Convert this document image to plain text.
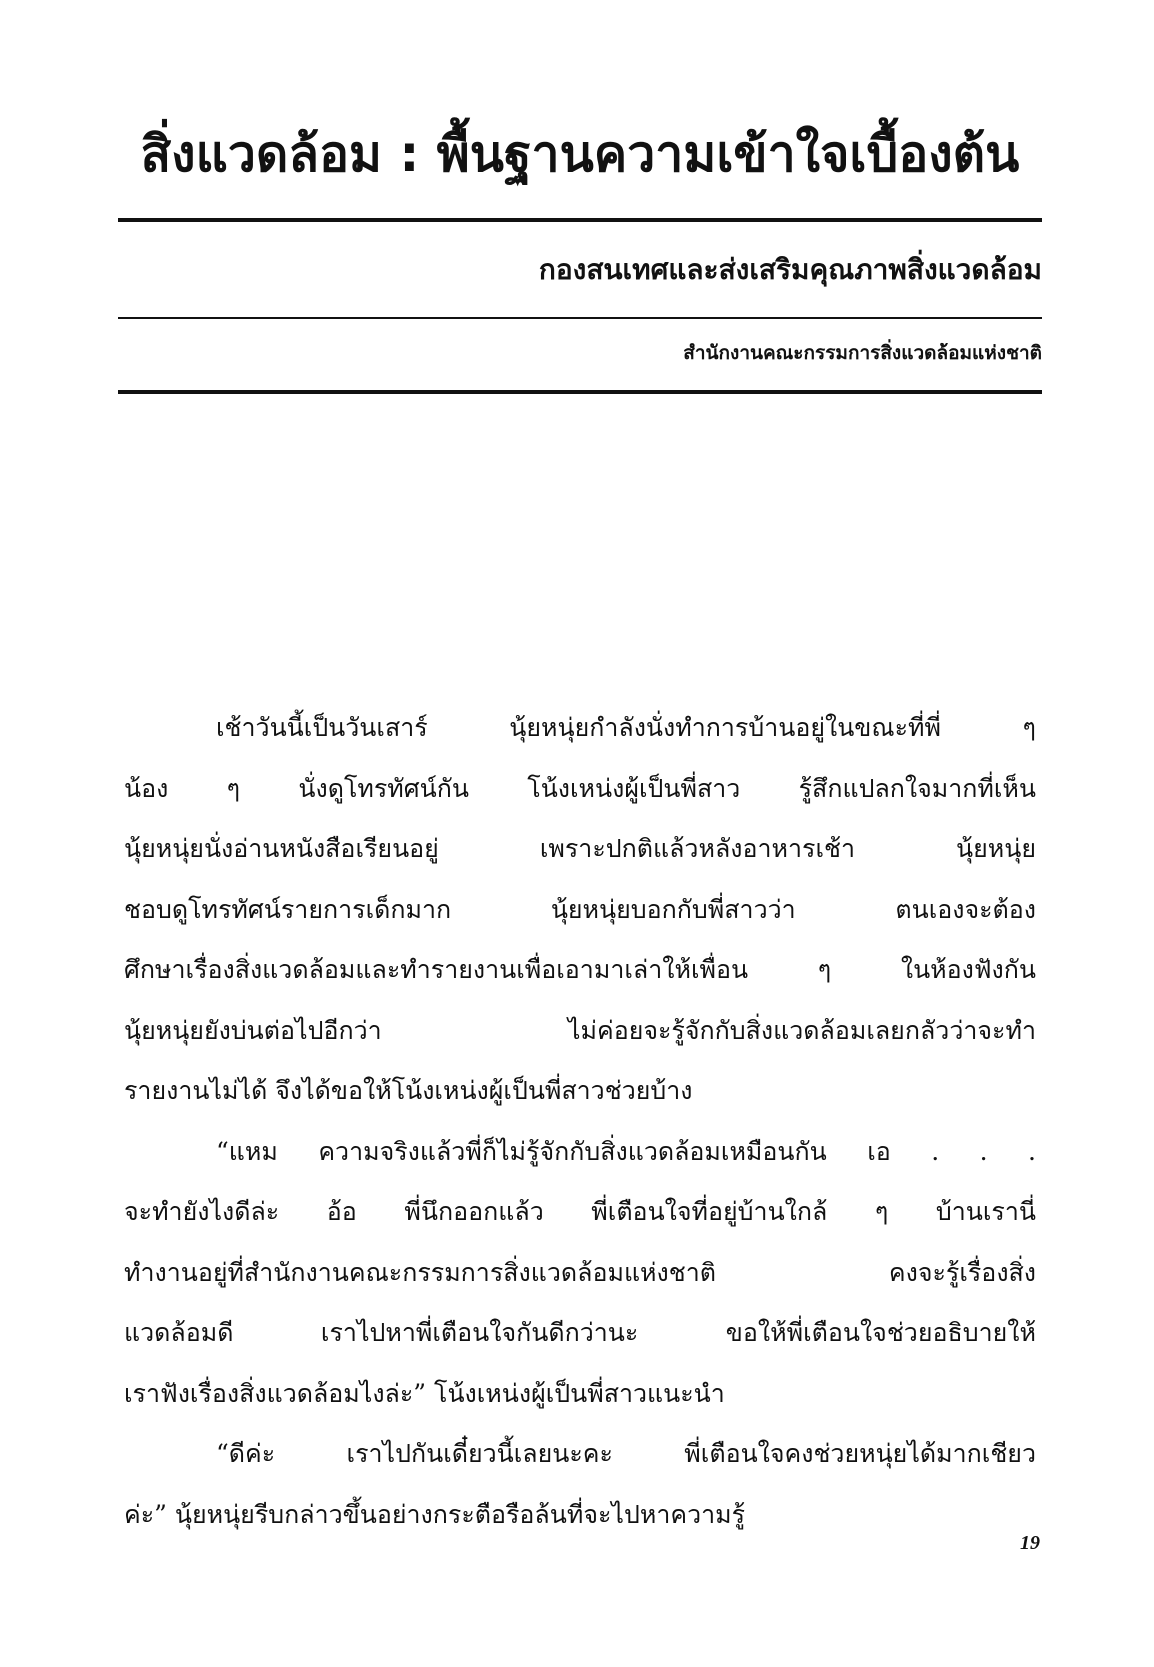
สิ่งแวดล้อม : พื้นฐานความเข้าใจเบื้องต้น
กองสนเทศและส่งเสริมคุณภาพสิ่งแวดล้อม
สำนักงานคณะกรรมการสิ่งแวดล้อมแห่งชาติ
เช้าวันนี้เป็นวันเสาร์ นุ้ยหนุ่ยกำลังนั่งทำการบ้านอยู่ในขณะที่พี่ ๆ
น้อง ๆ นั่งดูโทรทัศน์กัน โน้งเหน่งผู้เป็นพี่สาว รู้สึกแปลกใจมากที่เห็น
นุ้ยหนุ่ยนั่งอ่านหนังสือเรียนอยู่ เพราะปกติแล้วหลังอาหารเช้า นุ้ยหนุ่ย
ชอบดูโทรทัศน์รายการเด็กมาก นุ้ยหนุ่ยบอกกับพี่สาวว่า ตนเองจะต้อง
ศึกษาเรื่องสิ่งแวดล้อมและทำรายงานเพื่อเอามาเล่าให้เพื่อน ๆ ในห้องฟังกัน
นุ้ยหนุ่ยยังบ่นต่อไปอีกว่า ไม่ค่อยจะรู้จักกับสิ่งแวดล้อมเลยกลัวว่าจะทำ
รายงานไม่ได้ จึงได้ขอให้โน้งเหน่งผู้เป็นพี่สาวช่วยบ้าง
“แหม ความจริงแล้วพี่ก็ไม่รู้จักกับสิ่งแวดล้อมเหมือนกัน เอ . . .
จะทำยังไงดีล่ะ อ้อ พี่นึกออกแล้ว พี่เตือนใจที่อยู่บ้านใกล้ ๆ บ้านเรานี่
ทำงานอยู่ที่สำนักงานคณะกรรมการสิ่งแวดล้อมแห่งชาติ คงจะรู้เรื่องสิ่ง
แวดล้อมดี เราไปหาพี่เตือนใจกันดีกว่านะ ขอให้พี่เตือนใจช่วยอธิบายให้
เราฟังเรื่องสิ่งแวดล้อมไงล่ะ” โน้งเหน่งผู้เป็นพี่สาวแนะนำ
“ดีค่ะ เราไปกันเดี๋ยวนี้เลยนะคะ พี่เตือนใจคงช่วยหนุ่ยได้มากเชียว
ค่ะ” นุ้ยหนุ่ยรีบกล่าวขึ้นอย่างกระตือรือล้นที่จะไปหาความรู้
19
